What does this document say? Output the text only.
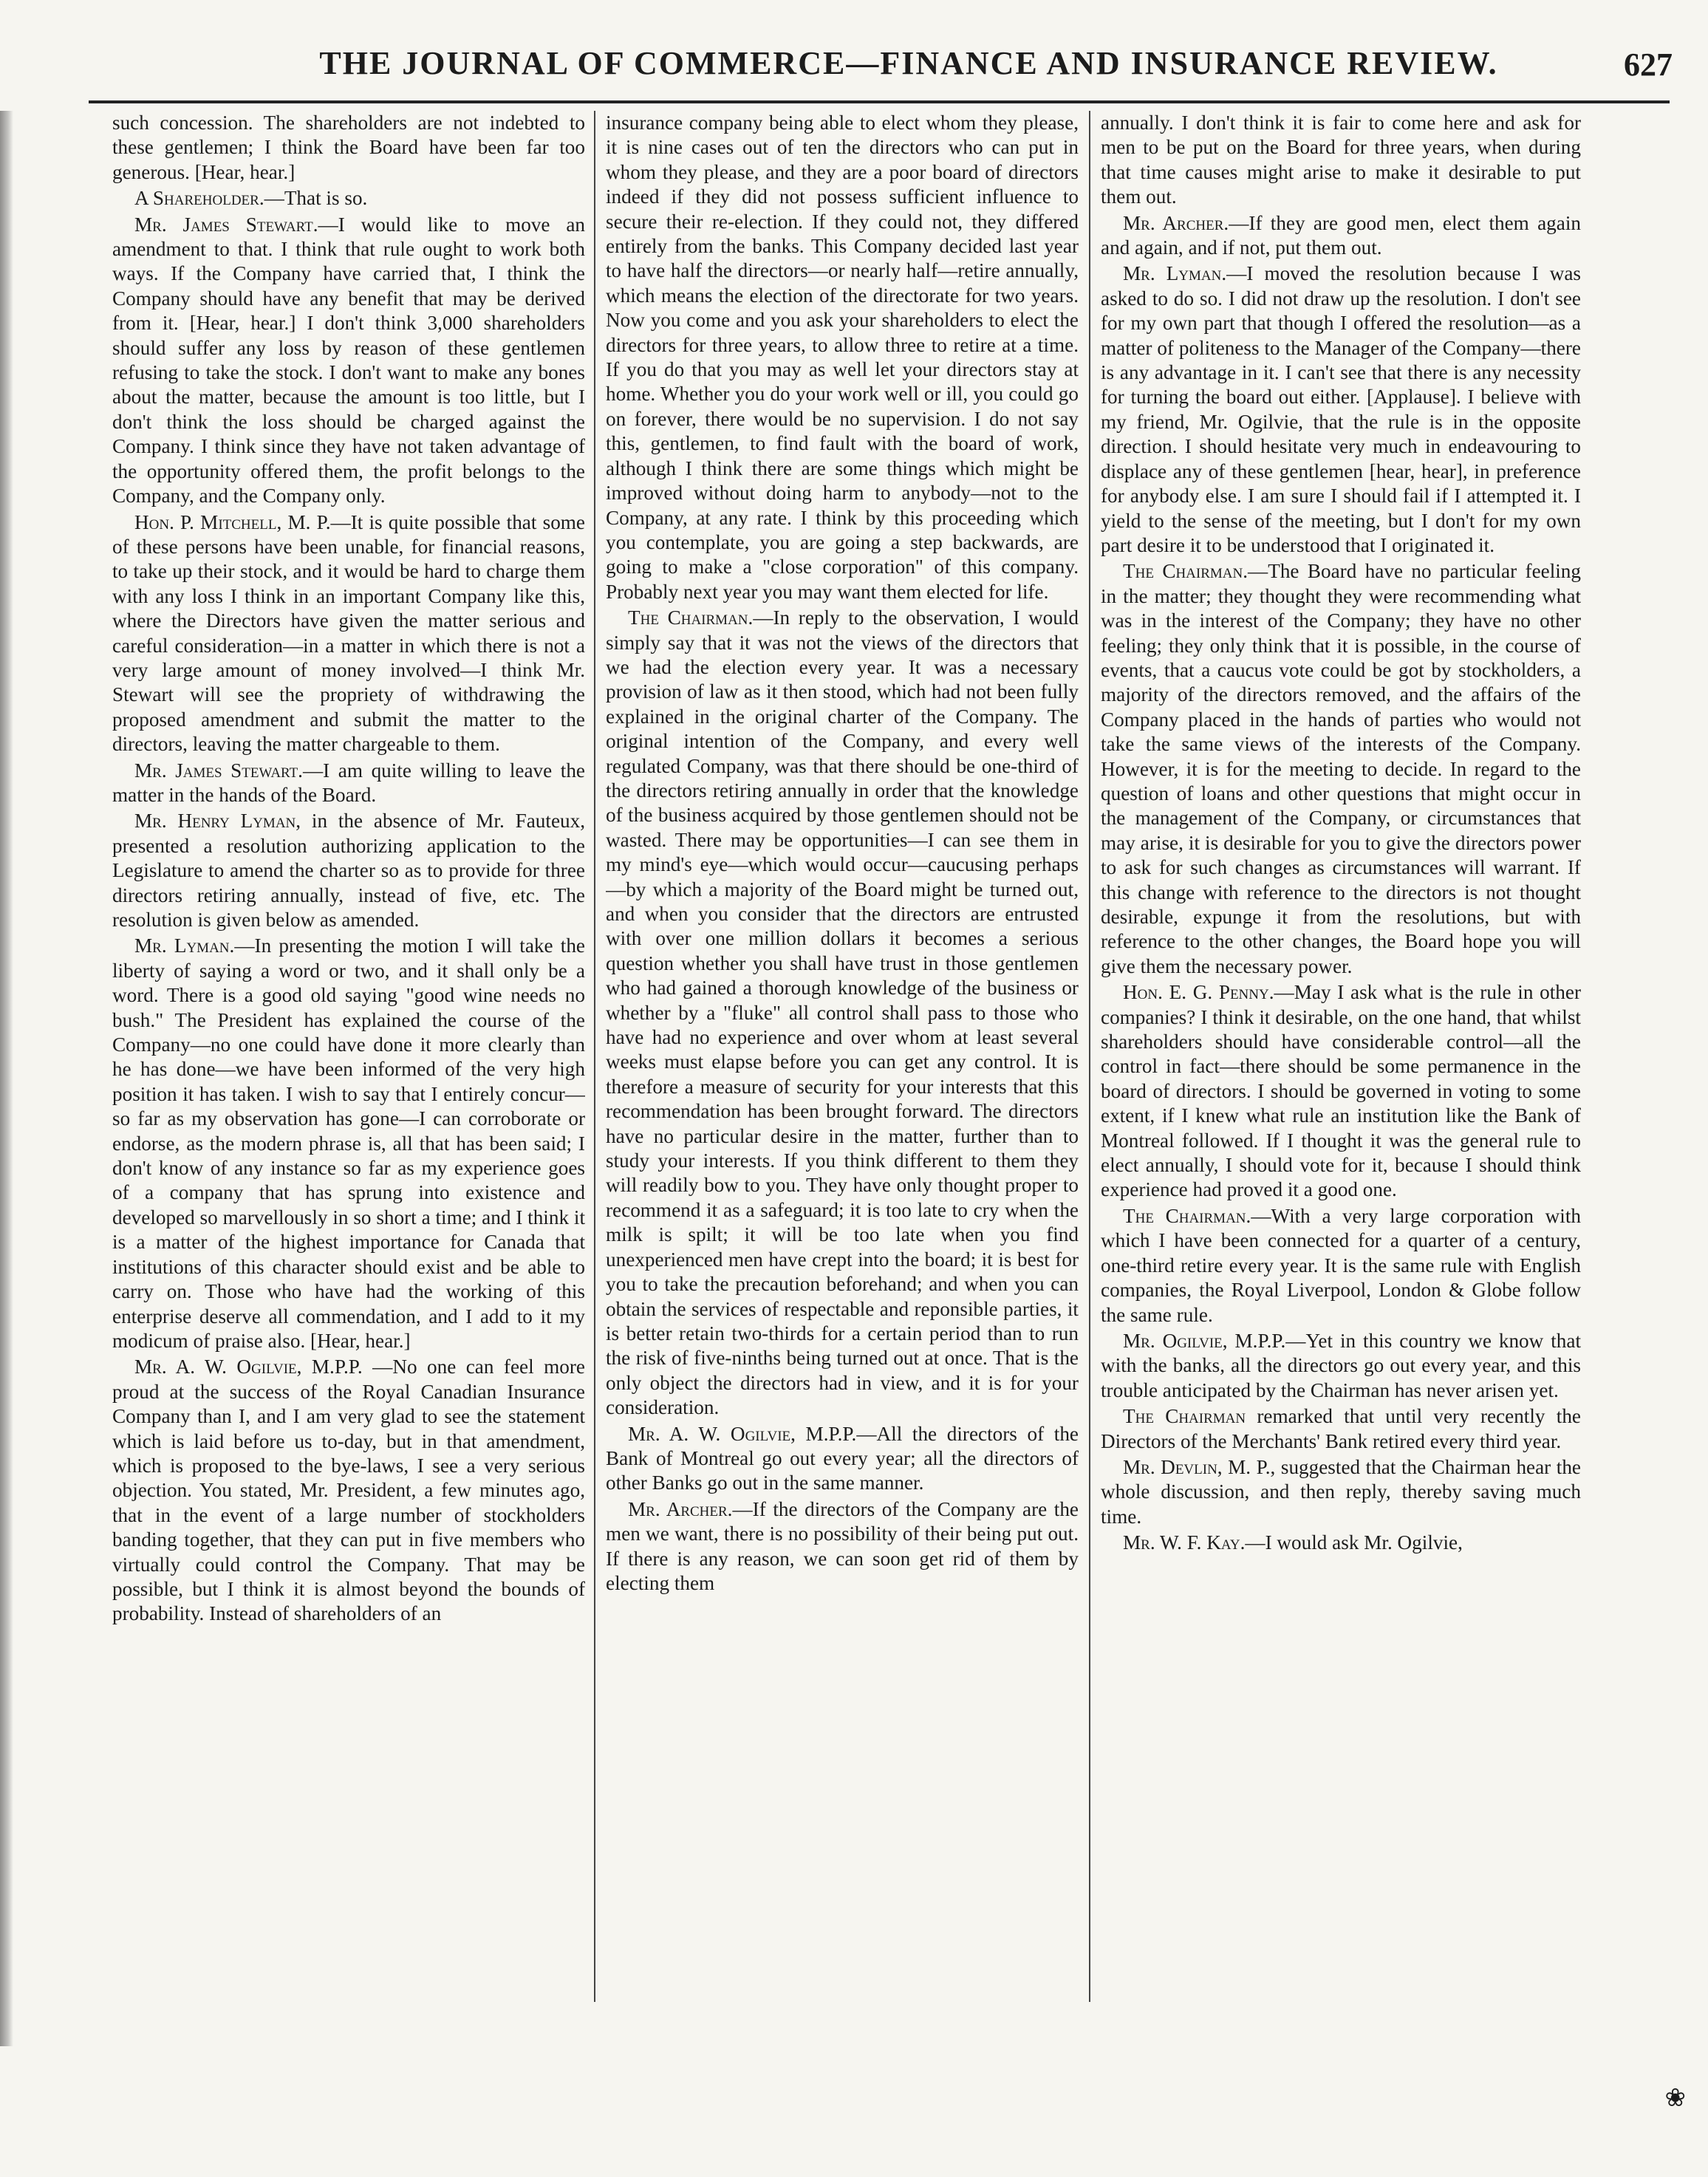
THE JOURNAL OF COMMERCE—FINANCE AND INSURANCE REVIEW.	627

such concession. The shareholders are not indebted to these gentlemen; I think the Board have been far too generous. [Hear, hear.]

A Shareholder.—That is so.

Mr. James Stewart.—I would like to move an amendment to that. I think that rule ought to work both ways. If the Company have carried that, I think the Company should have any benefit that may be derived from it. [Hear, hear.] I don't think 3,000 shareholders should suffer any loss by reason of these gentlemen refusing to take the stock. I don't want to make any bones about the matter, because the amount is too little, but I don't think the loss should be charged against the Company. I think since they have not taken advantage of the opportunity offered them, the profit belongs to the Company, and the Company only.

Hon. P. Mitchell, M. P.—It is quite possible that some of these persons have been unable, for financial reasons, to take up their stock, and it would be hard to charge them with any loss I think in an important Company like this, where the Directors have given the matter serious and careful consideration—in a matter in which there is not a very large amount of money involved—I think Mr. Stewart will see the propriety of withdrawing the proposed amendment and submit the matter to the directors, leaving the matter chargeable to them.

Mr. James Stewart.—I am quite willing to leave the matter in the hands of the Board.

Mr. Henry Lyman, in the absence of Mr. Fauteux, presented a resolution authorizing application to the Legislature to amend the charter so as to provide for three directors retiring annually, instead of five, etc. The resolution is given below as amended.

Mr. Lyman.—In presenting the motion I will take the liberty of saying a word or two, and it shall only be a word. There is a good old saying "good wine needs no bush." The President has explained the course of the Company—no one could have done it more clearly than he has done—we have been informed of the very high position it has taken. I wish to say that I entirely concur—so far as my observation has gone—I can corroborate or endorse, as the modern phrase is, all that has been said; I don't know of any instance so far as my experience goes of a company that has sprung into existence and developed so marvellously in so short a time; and I think it is a matter of the highest importance for Canada that institutions of this character should exist and be able to carry on. Those who have had the working of this enterprise deserve all commendation, and I add to it my modicum of praise also. [Hear, hear.]

Mr. A. W. Ogilvie, M.P.P. —No one can feel more proud at the success of the Royal Canadian Insurance Company than I, and I am very glad to see the statement which is laid before us to-day, but in that amendment, which is proposed to the bye-laws, I see a very serious objection. You stated, Mr. President, a few minutes ago, that in the event of a large number of stockholders banding together, that they can put in five members who virtually could control the Company. That may be possible, but I think it is almost beyond the bounds of probability. Instead of shareholders of an

insurance company being able to elect whom they please, it is nine cases out of ten the directors who can put in whom they please, and they are a poor board of directors indeed if they did not possess sufficient influence to secure their re-election. If they could not, they differed entirely from the banks. This Company decided last year to have half the directors—or nearly half—retire annually, which means the election of the directorate for two years. Now you come and you ask your shareholders to elect the directors for three years, to allow three to retire at a time. If you do that you may as well let your directors stay at home. Whether you do your work well or ill, you could go on forever, there would be no supervision. I do not say this, gentlemen, to find fault with the board of work, although I think there are some things which might be improved without doing harm to anybody—not to the Company, at any rate. I think by this proceeding which you contemplate, you are going a step backwards, are going to make a "close corporation" of this company. Probably next year you may want them elected for life.

The Chairman.—In reply to the observation, I would simply say that it was not the views of the directors that we had the election every year. It was a necessary provision of law as it then stood, which had not been fully explained in the original charter of the Company. The original intention of the Company, and every well regulated Company, was that there should be one-third of the directors retiring annually in order that the knowledge of the business acquired by those gentlemen should not be wasted. There may be opportunities—I can see them in my mind's eye—which would occur—caucusing perhaps—by which a majority of the Board might be turned out, and when you consider that the directors are entrusted with over one million dollars it becomes a serious question whether you shall have trust in those gentlemen who had gained a thorough knowledge of the business or whether by a "fluke" all control shall pass to those who have had no experience and over whom at least several weeks must elapse before you can get any control. It is therefore a measure of security for your interests that this recommendation has been brought forward. The directors have no particular desire in the matter, further than to study your interests. If you think different to them they will readily bow to you. They have only thought proper to recommend it as a safeguard; it is too late to cry when the milk is spilt; it will be too late when you find unexperienced men have crept into the board; it is best for you to take the precaution beforehand; and when you can obtain the services of respectable and reponsible parties, it is better retain two-thirds for a certain period than to run the risk of five-ninths being turned out at once. That is the only object the directors had in view, and it is for your consideration.

Mr. A. W. Ogilvie, M.P.P.—All the directors of the Bank of Montreal go out every year; all the directors of other Banks go out in the same manner.

Mr. Archer.—If the directors of the Company are the men we want, there is no possibility of their being put out. If there is any reason, we can soon get rid of them by electing them

annually. I don't think it is fair to come here and ask for men to be put on the Board for three years, when during that time causes might arise to make it desirable to put them out.

Mr. Archer.—If they are good men, elect them again and again, and if not, put them out.

Mr. Lyman.—I moved the resolution because I was asked to do so. I did not draw up the resolution. I don't see for my own part that though I offered the resolution—as a matter of politeness to the Manager of the Company—there is any advantage in it. I can't see that there is any necessity for turning the board out either. [Applause]. I believe with my friend, Mr. Ogilvie, that the rule is in the opposite direction. I should hesitate very much in endeavouring to displace any of these gentlemen [hear, hear], in preference for anybody else. I am sure I should fail if I attempted it. I yield to the sense of the meeting, but I don't for my own part desire it to be understood that I originated it.

The Chairman.—The Board have no particular feeling in the matter; they thought they were recommending what was in the interest of the Company; they have no other feeling; they only think that it is possible, in the course of events, that a caucus vote could be got by stockholders, a majority of the directors removed, and the affairs of the Company placed in the hands of parties who would not take the same views of the interests of the Company. However, it is for the meeting to decide. In regard to the question of loans and other questions that might occur in the management of the Company, or circumstances that may arise, it is desirable for you to give the directors power to ask for such changes as circumstances will warrant. If this change with reference to the directors is not thought desirable, expunge it from the resolutions, but with reference to the other changes, the Board hope you will give them the necessary power.

Hon. E. G. Penny.—May I ask what is the rule in other companies? I think it desirable, on the one hand, that whilst shareholders should have considerable control—all the control in fact—there should be some permanence in the board of directors. I should be governed in voting to some extent, if I knew what rule an institution like the Bank of Montreal followed. If I thought it was the general rule to elect annually, I should vote for it, because I should think experience had proved it a good one.

The Chairman.—With a very large corporation with which I have been connected for a quarter of a century, one-third retire every year. It is the same rule with English companies, the Royal Liverpool, London & Globe follow the same rule.

Mr. Ogilvie, M.P.P.—Yet in this country we know that with the banks, all the directors go out every year, and this trouble anticipated by the Chairman has never arisen yet.

The Chairman remarked that until very recently the Directors of the Merchants' Bank retired every third year.

Mr. Devlin, M. P., suggested that the Chairman hear the whole discussion, and then reply, thereby saving much time.

Mr. W. F. Kay.—I would ask Mr. Ogilvie,

❀
